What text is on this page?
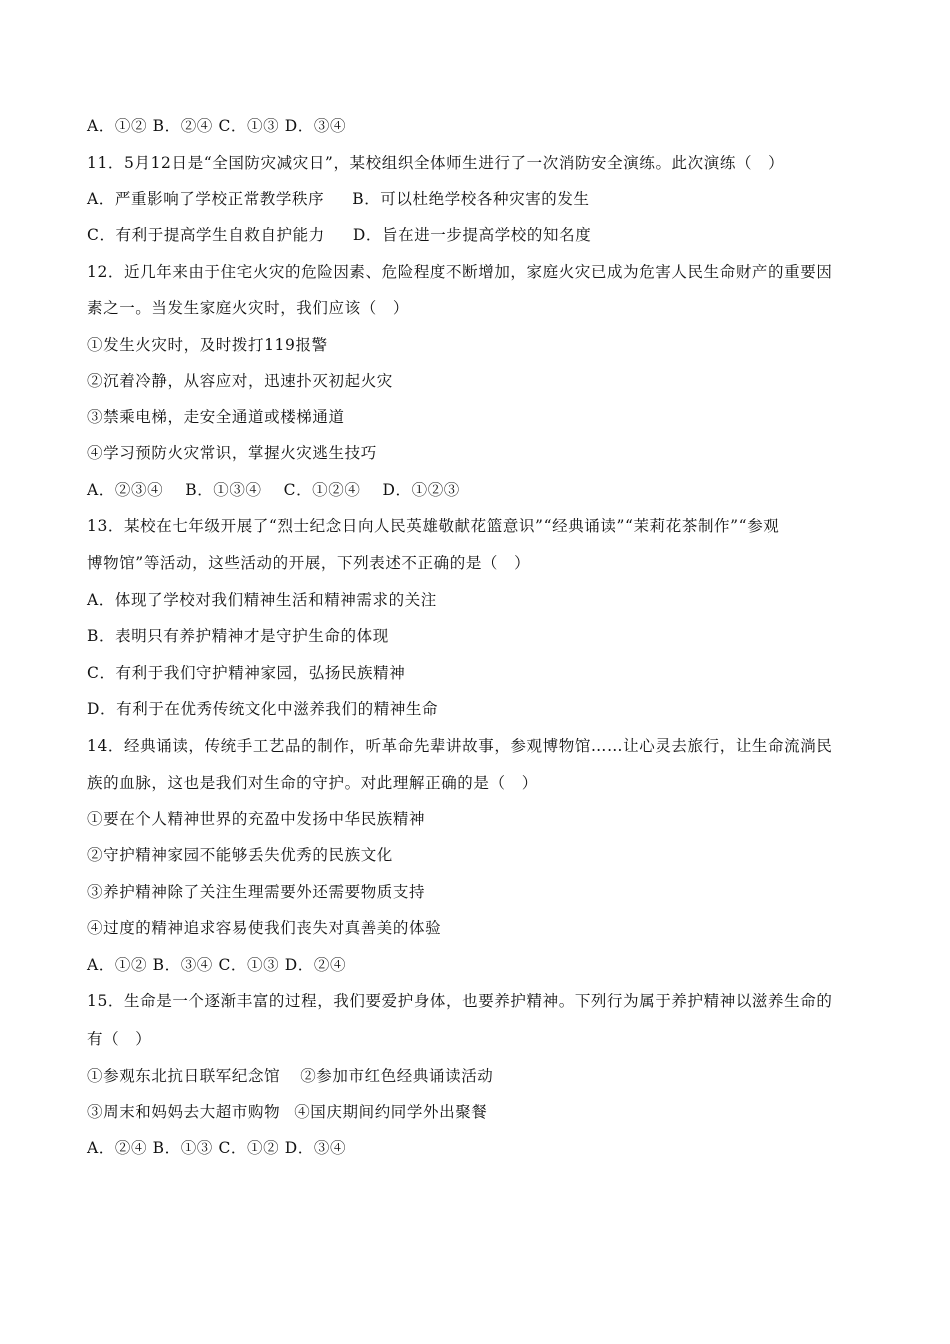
A．①② B．②④ C．①③ D．③④
11．5月12日是“全国防灾减灾日”，某校组织全体师生进行了一次消防安全演练。此次演练（　）
A．严重影响了学校正常教学秩序 B．可以杜绝学校各种灾害的发生
C．有利于提高学生自救自护能力 D．旨在进一步提高学校的知名度
12．近几年来由于住宅火灾的危险因素、危险程度不断增加，家庭火灾已成为危害人民生命财产的重要因
素之一。当发生家庭火灾时，我们应该（　）
①发生火灾时，及时拨打119报警
②沉着冷静，从容应对，迅速扑灭初起火灾
③禁乘电梯，走安全通道或楼梯通道
④学习预防火灾常识，掌握火灾逃生技巧
A．②③④ B．①③④ C．①②④ D．①②③
13．某校在七年级开展了“烈士纪念日向人民英雄敬献花篮意识”“经典诵读”“茉莉花茶制作”“参观
博物馆”等活动，这些活动的开展，下列表述不正确的是（　）
A．体现了学校对我们精神生活和精神需求的关注
B．表明只有养护精神才是守护生命的体现
C．有利于我们守护精神家园，弘扬民族精神
D．有利于在优秀传统文化中滋养我们的精神生命
14．经典诵读，传统手工艺品的制作，听革命先辈讲故事，参观博物馆……让心灵去旅行，让生命流淌民
族的血脉，这也是我们对生命的守护。对此理解正确的是（　）
①要在个人精神世界的充盈中发扬中华民族精神
②守护精神家园不能够丢失优秀的民族文化
③养护精神除了关注生理需要外还需要物质支持
④过度的精神追求容易使我们丧失对真善美的体验
A．①② B．③④ C．①③ D．②④
15．生命是一个逐渐丰富的过程，我们要爱护身体，也要养护精神。下列行为属于养护精神以滋养生命的
有（　）
①参观东北抗日联军纪念馆 ②参加市红色经典诵读活动
③周末和妈妈去大超市购物 ④国庆期间约同学外出聚餐
A．②④ B．①③ C．①② D．③④
